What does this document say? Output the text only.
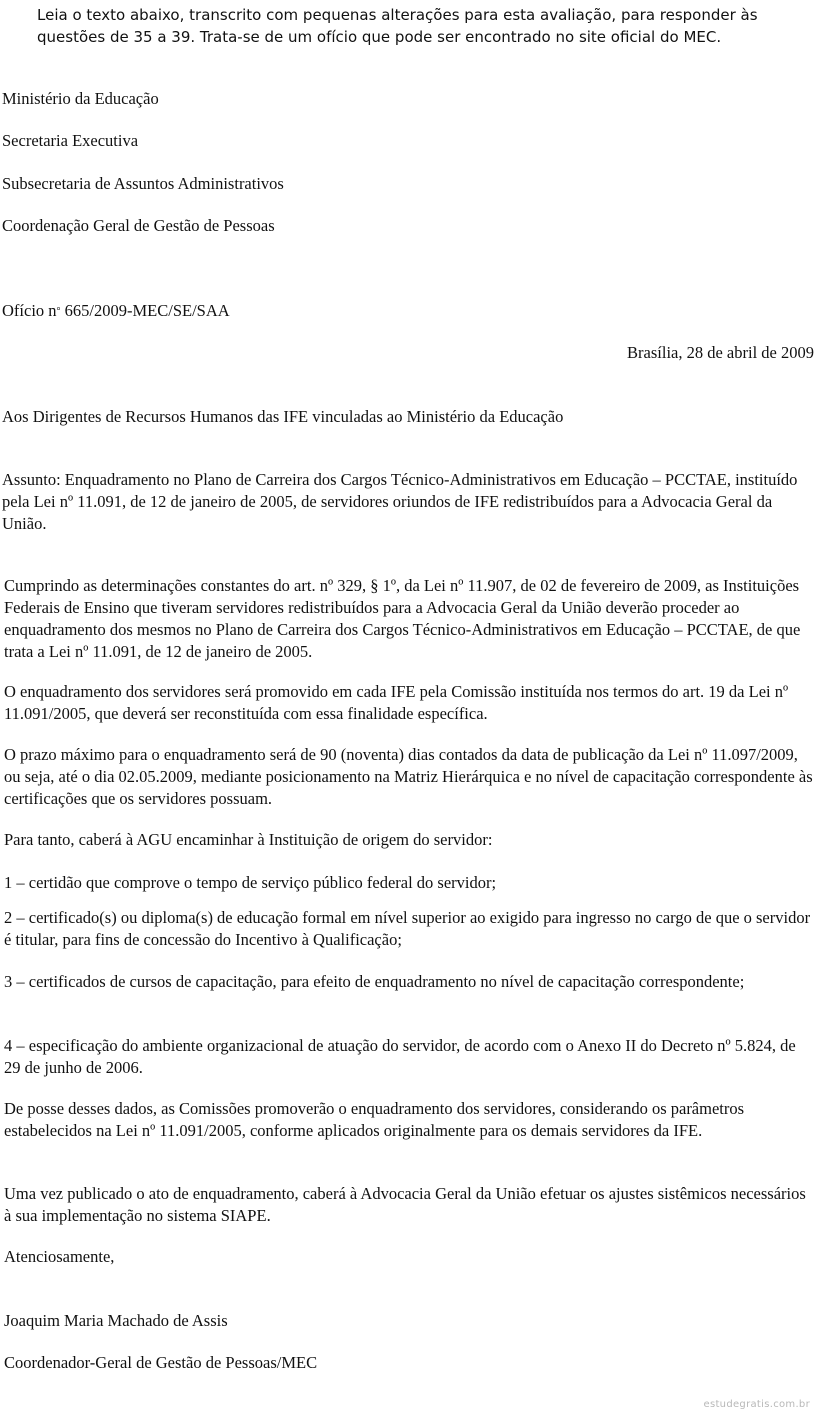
Leia o texto abaixo, transcrito com pequenas alterações para esta avaliação, para responder às questões de 35 a 39. Trata-se de um ofício que pode ser encontrado no site oficial do MEC.

Ministério da Educação

Secretaria Executiva

Subsecretaria de Assuntos Administrativos

Coordenação Geral de Gestão de Pessoas

Ofício n° 665/2009-MEC/SE/SAA

Brasília, 28 de abril de 2009

Aos Dirigentes de Recursos Humanos das IFE vinculadas ao Ministério da Educação

Assunto: Enquadramento no Plano de Carreira dos Cargos Técnico-Administrativos em Educação – PCCTAE, instituído pela Lei nº 11.091, de 12 de janeiro de 2005, de servidores oriundos de IFE redistribuídos para a Advocacia Geral da União.

Cumprindo as determinações constantes do art. nº 329, § 1º, da Lei nº 11.907, de 02 de fevereiro de 2009, as Instituições Federais de Ensino que tiveram servidores redistribuídos para a Advocacia Geral da União deverão proceder ao enquadramento dos mesmos no Plano de Carreira dos Cargos Técnico-Administrativos em Educação – PCCTAE, de que trata a Lei nº 11.091, de 12 de janeiro de 2005.

O enquadramento dos servidores será promovido em cada IFE pela Comissão instituída nos termos do art. 19 da Lei nº 11.091/2005, que deverá ser reconstituída com essa finalidade específica.

O prazo máximo para o enquadramento será de 90 (noventa) dias contados da data de publicação da Lei nº 11.097/2009, ou seja, até o dia 02.05.2009, mediante posicionamento na Matriz Hierárquica e no nível de capacitação correspondente às certificações que os servidores possuam.

Para tanto, caberá à AGU encaminhar à Instituição de origem do servidor:

1 – certidão que comprove o tempo de serviço público federal do servidor;

2 – certificado(s) ou diploma(s) de educação formal em nível superior ao exigido para ingresso no cargo de que o servidor é titular, para fins de concessão do Incentivo à Qualificação;

3 – certificados de cursos de capacitação, para efeito de enquadramento no nível de capacitação correspondente;

4 – especificação do ambiente organizacional de atuação do servidor, de acordo com o Anexo II do Decreto nº 5.824, de 29 de junho de 2006.

De posse desses dados, as Comissões promoverão o enquadramento dos servidores, considerando os parâmetros estabelecidos na Lei nº 11.091/2005, conforme aplicados originalmente para os demais servidores da IFE.

Uma vez publicado o ato de enquadramento, caberá à Advocacia Geral da União efetuar os ajustes sistêmicos necessários à sua implementação no sistema SIAPE.

Atenciosamente,

Joaquim Maria Machado de Assis

Coordenador-Geral de Gestão de Pessoas/MEC

estudegratis.com.br
